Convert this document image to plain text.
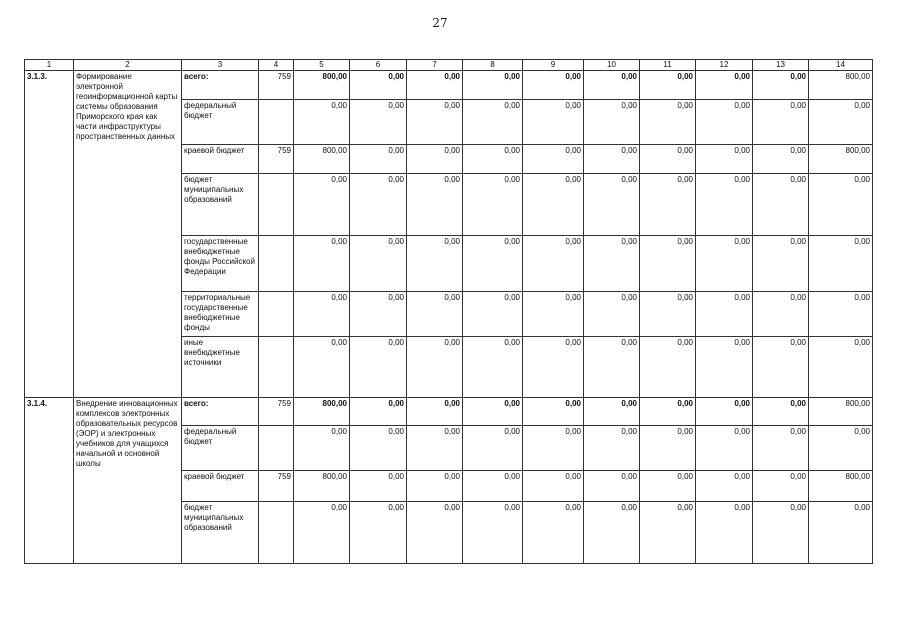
27
1	2	3	4	5	6	7	8	9	10	11	12	13	14
3.1.3.	Формирование электронной геоинформационной карты системы образования Приморского края как части инфраструктуры пространственных данных	всего:	759	800,00	0,00	0,00	0,00	0,00	0,00	0,00	0,00	0,00	800,00
		федеральный бюджет		0,00	0,00	0,00	0,00	0,00	0,00	0,00	0,00	0,00	0,00
		краевой бюджет	759	800,00	0,00	0,00	0,00	0,00	0,00	0,00	0,00	0,00	800,00
		бюджет муниципальных образований		0,00	0,00	0,00	0,00	0,00	0,00	0,00	0,00	0,00	0,00
		государственные внебюджетные фонды Российской Федерации		0,00	0,00	0,00	0,00	0,00	0,00	0,00	0,00	0,00	0,00
		территориальные государственные внебюджетные фонды		0,00	0,00	0,00	0,00	0,00	0,00	0,00	0,00	0,00	0,00
		иные внебюджетные источники		0,00	0,00	0,00	0,00	0,00	0,00	0,00	0,00	0,00	0,00
3.1.4.	Внедрение инновационных комплексов электронных образовательных ресурсов (ЭОР) и электронных учебников для учащихся начальной и основной школы	всего:	759	800,00	0,00	0,00	0,00	0,00	0,00	0,00	0,00	0,00	800,00
		федеральный бюджет		0,00	0,00	0,00	0,00	0,00	0,00	0,00	0,00	0,00	0,00
		краевой бюджет	759	800,00	0,00	0,00	0,00	0,00	0,00	0,00	0,00	0,00	800,00
		бюджет муниципальных образований		0,00	0,00	0,00	0,00	0,00	0,00	0,00	0,00	0,00	0,00
